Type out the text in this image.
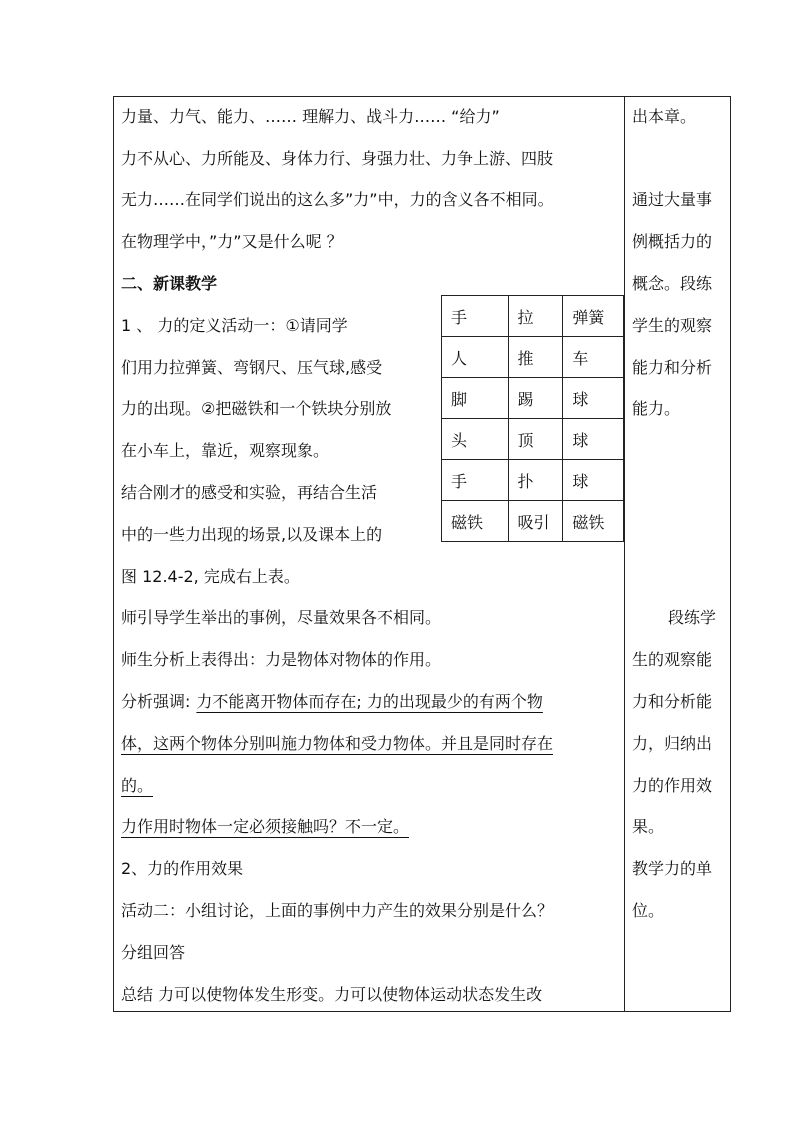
力量、力气、能力、…… 理解力、战斗力…… “给力”
力不从心、力所能及、身体力行、身强力壮、力争上游、四肢
无力……在同学们说出的这么多”力”中，力的含义各不相同。
在物理学中，”力”又是什么呢 ？
二、新课教学
1 、 力的定义活动一：①请同学
们用力拉弹簧、弯钢尺、压气球,感受
力的出现。②把磁铁和一个铁块分别放
在小车上，靠近，观察现象。
结合刚才的感受和实验，再结合生活
中的一些力出现的场景,以及课本上的
图 12.4-2, 完成右上表。
师引导学生举出的事例，尽量效果各不相同。
师生分析上表得出：力是物体对物体的作用。
分析强调: 力不能离开物体而存在; 力的出现最少的有两个物
体，这两个物体分别叫施力物体和受力物体。并且是同时存在
的。
力作用时物体一定必须接触吗？不一定。
2、力的作用效果
活动二：小组讨论，上面的事例中力产生的效果分别是什么？
分组回答
总结 力可以使物体发生形变。力可以使物体运动状态发生改
手	拉	弹簧
人	推	车
脚	踢	球
头	顶	球
手	扑	球
磁铁	吸引	磁铁
出本章。
通过大量事
例概括力的
概念。段练
学生的观察
能力和分析
能力。
段练学
生的观察能
力和分析能
力，归纳出
力的作用效
果。
教学力的单
位。
